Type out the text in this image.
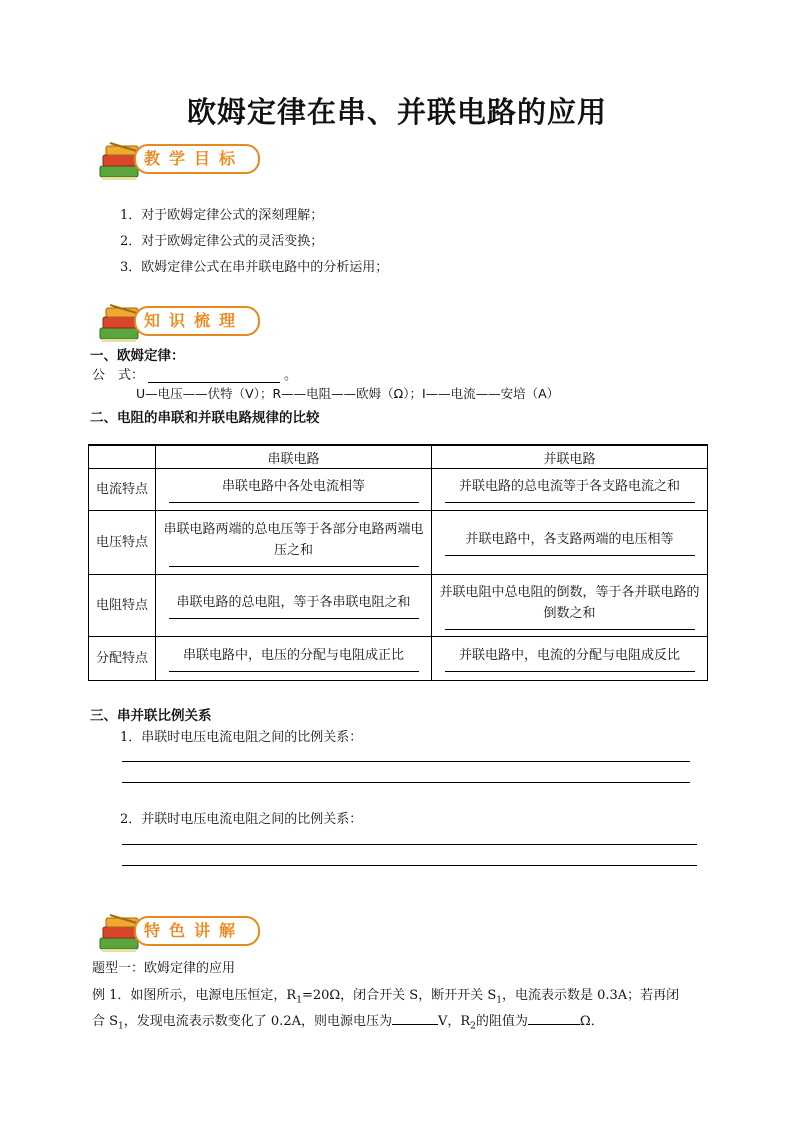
欧姆定律在串、并联电路的应用
教学目标
1．对于欧姆定律公式的深刻理解；
2．对于欧姆定律公式的灵活变换；
3．欧姆定律公式在串并联电路中的分析运用；
知识梳理
一、欧姆定律：
公　式：	。
U—电压——伏特（V）；R——电阻——欧姆（Ω）；I——电流——安培（A）
二、电阻的串联和并联电路规律的比较
	串联电路	并联电路
电流特点	串联电路中各处电流相等	并联电路的总电流等于各支路电流之和

电压特点	串联电路两端的总电压等于各部分电路两端电压之和	并联电路中，各支路两端的电压相等

电阻特点	串联电路的总电阻，等于各串联电阻之和	并联电阻中总电阻的倒数，等于各并联电路的倒数之和

分配特点	串联电路中，电压的分配与电阻成正比	并联电路中，电流的分配与电阻成反比
三、串并联比例关系
1．串联时电压电流电阻之间的比例关系：
2．并联时电压电流电阻之间的比例关系：
特色讲解
题型一：欧姆定律的应用
例 1．如图所示，电源电压恒定，$R_1=20\Omega$，闭合开关 S，断开开关 $S_1$，电流表示数是 0.3A；若再闭
合 $S_1$，发现电流表示数变化了 0.2A，则电源电压为	V，$R_2$的阻值为	Ω．
